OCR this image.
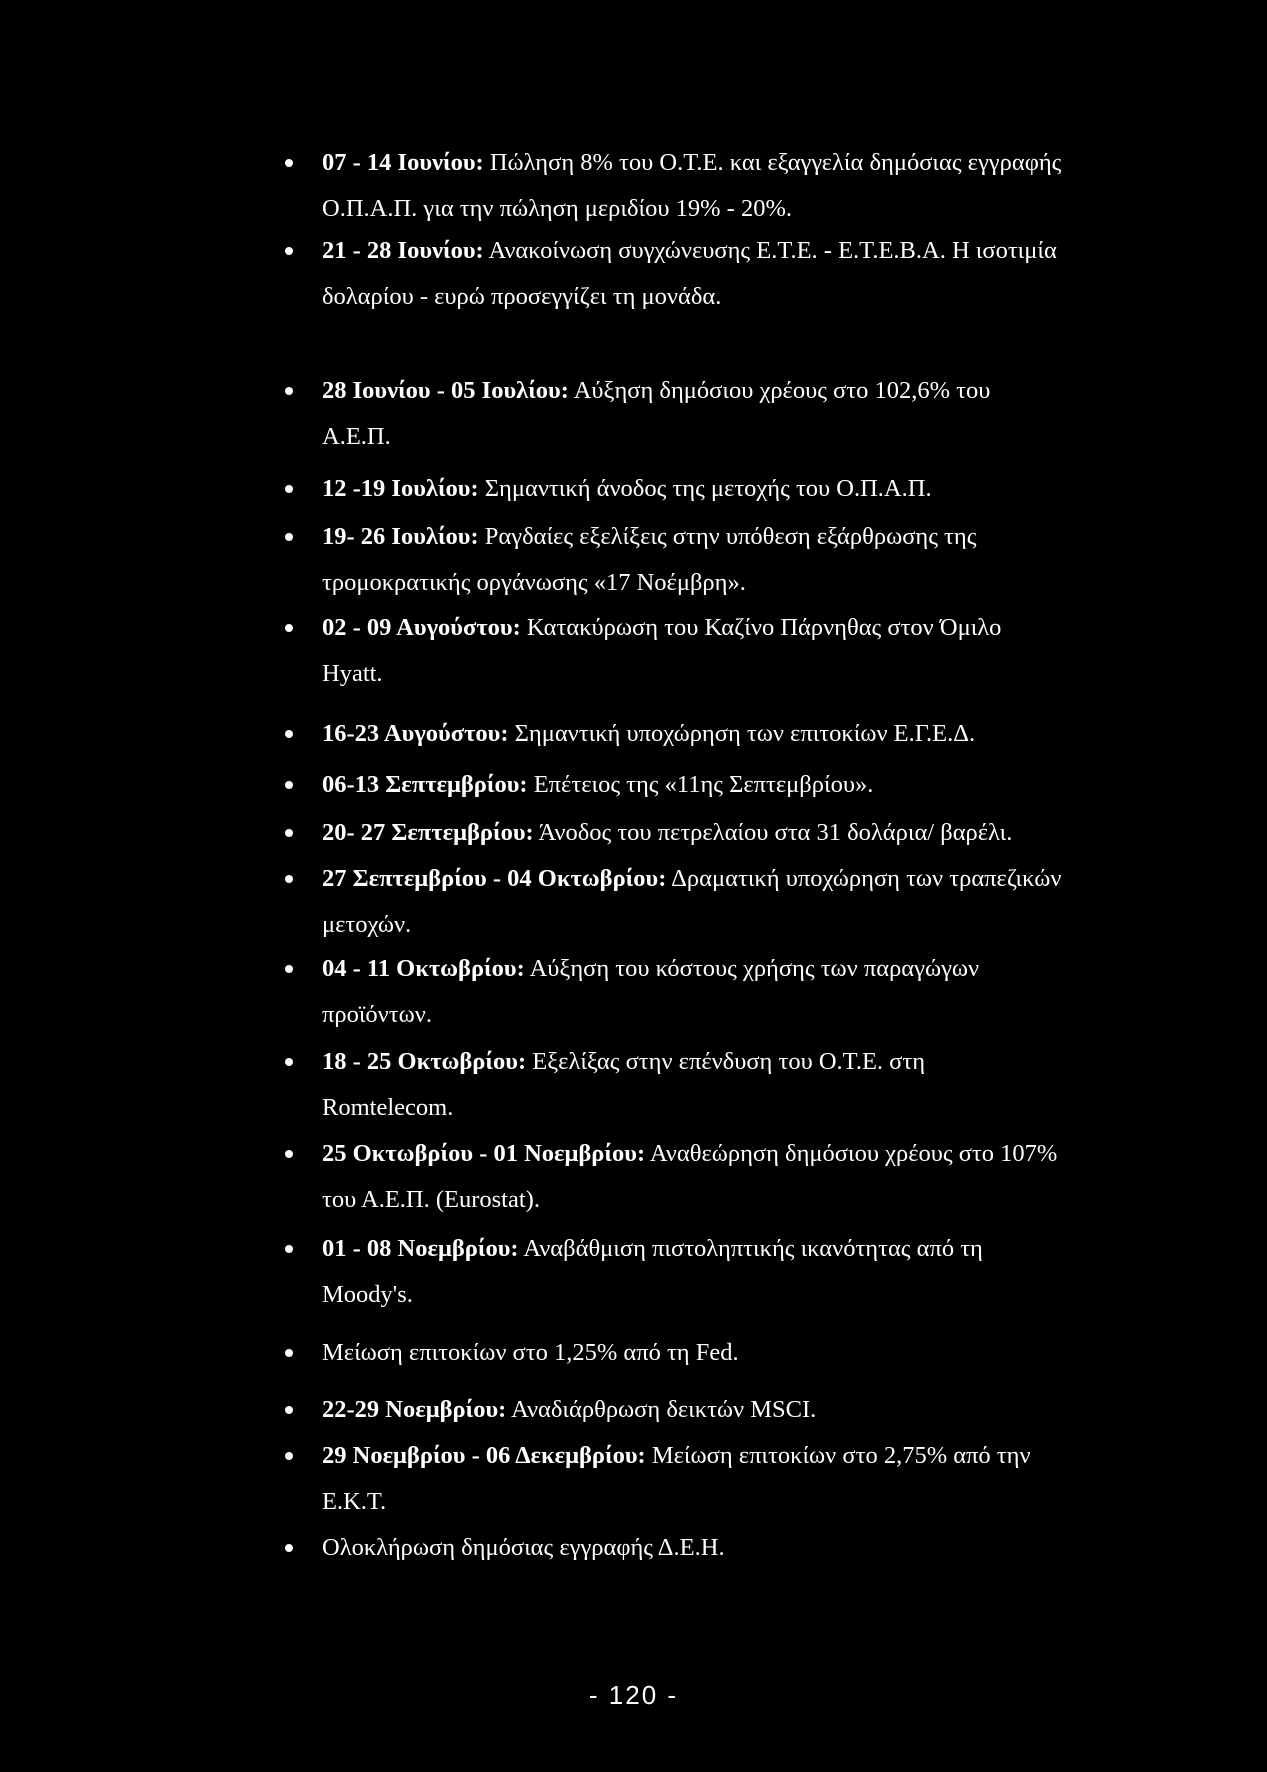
07 - 14 Ιουνίου: Πώληση 8% του Ο.Τ.Ε. και εξαγγελία δημόσιας εγγραφής Ο.Π.Α.Π. για την πώληση μεριδίου 19% - 20%.
21 - 28 Ιουνίου: Ανακοίνωση συγχώνευσης Ε.Τ.Ε. - Ε.Τ.Ε.Β.Α. Η ισοτιμία δολαρίου - ευρώ προσεγγίζει τη μονάδα.
28 Ιουνίου - 05 Ιουλίου: Αύξηση δημόσιου χρέους στο 102,6% του Α.Ε.Π.
12 -19 Ιουλίου: Σημαντική άνοδος της μετοχής του Ο.Π.Α.Π.
19- 26 Ιουλίου: Ραγδαίες εξελίξεις στην υπόθεση εξάρθρωσης της τρομοκρατικής οργάνωσης «17 Νοέμβρη».
02 - 09 Αυγούστου: Κατακύρωση του Καζίνο Πάρνηθας στον Όμιλο Hyatt.
16-23 Αυγούστου: Σημαντική υποχώρηση των επιτοκίων Ε.Γ.Ε.Δ.
06-13 Σεπτεμβρίου: Επέτειος της «11ης Σεπτεμβρίου».
20- 27 Σεπτεμβρίου: Άνοδος του πετρελαίου στα 31 δολάρια/ βαρέλι.
27 Σεπτεμβρίου - 04 Οκτωβρίου: Δραματική υποχώρηση των τραπεζικών μετοχών.
04 - 11 Οκτωβρίου: Αύξηση του κόστους χρήσης των παραγώγων προϊόντων.
18 - 25 Οκτωβρίου: Εξελίξας στην επένδυση του Ο.Τ.Ε. στη Romtelecom.
25 Οκτωβρίου - 01 Νοεμβρίου: Αναθεώρηση δημόσιου χρέους στο 107% του Α.Ε.Π. (Eurostat).
01 - 08 Νοεμβρίου: Αναβάθμιση πιστοληπτικής ικανότητας από τη Moody's.
Μείωση επιτοκίων στο 1,25% από τη Fed.
22-29 Νοεμβρίου: Αναδιάρθρωση δεικτών MSCI.
29 Νοεμβρίου - 06 Δεκεμβρίου: Μείωση επιτοκίων στο 2,75% από την Ε.Κ.Τ.
Ολοκλήρωση δημόσιας εγγραφής Δ.Ε.Η.
- 120 -
